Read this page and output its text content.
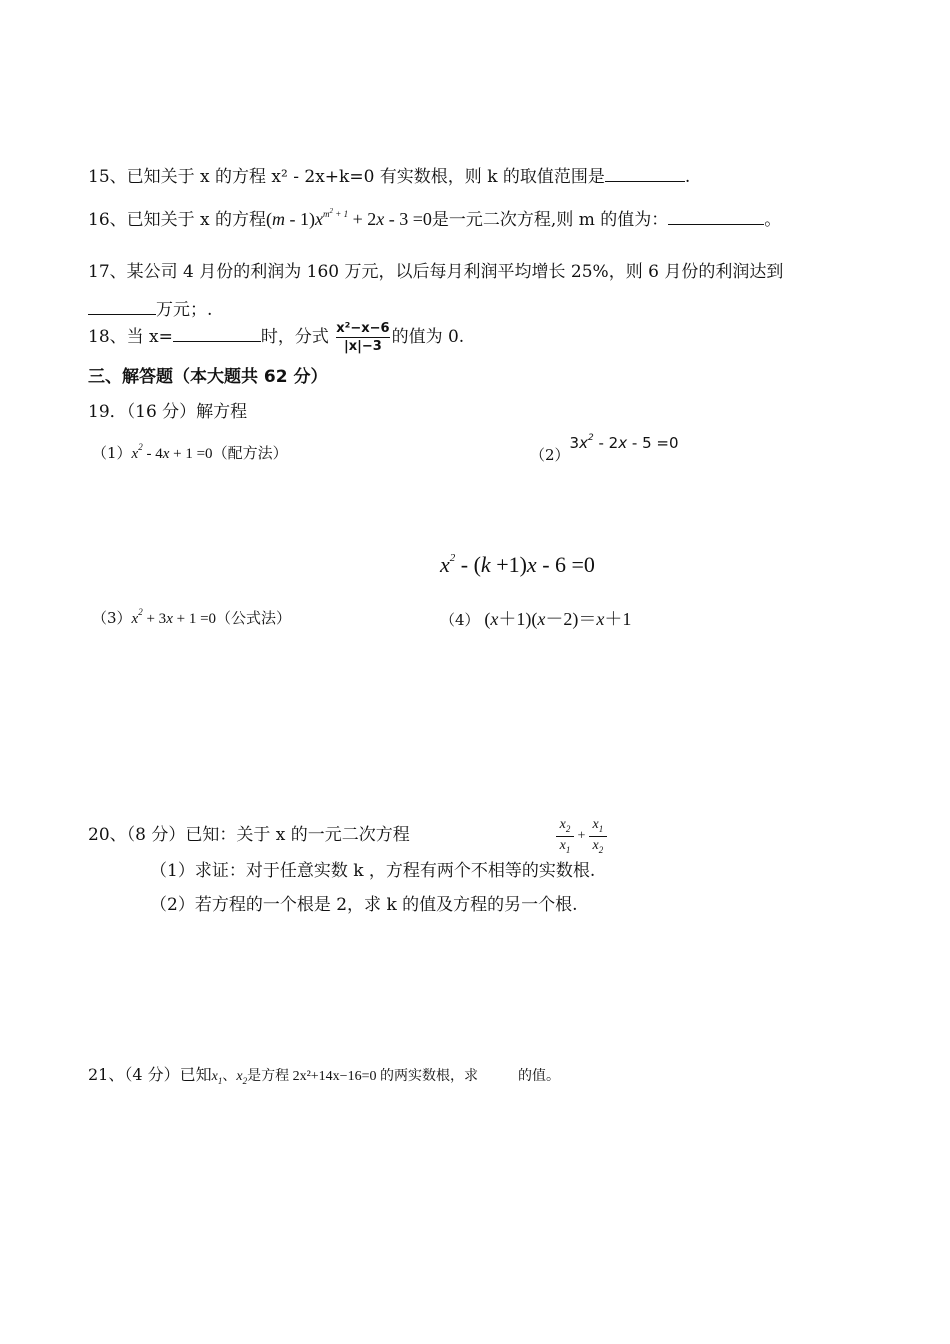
15、已知关于 x 的方程 x² - 2x+k=0 有实数根，则 k 的取值范围是	.
16、已知关于 x 的方程$(m - 1)x^{m^2 + 1} + 2x - 3 =0$是一元二次方程,则 m 的值为：	。
17、某公司 4 月份的利润为 160 万元，以后每月利润平均增长 25%，则 6 月份的利润达到
万元；.
18、当 x=	时，分式 $\frac{\text{x²−x−6}}{|x|-3}$ 的值为 0.
三、解答题（本大题共 62 分）
19．（16 分）解方程
$(1)x^2 - 4x + 1 =0$（配方法）	$(2)3x^2 - 2x - 5 =0$
$x^2 - (k +1)x - 6 =0$
$(3)x^2 + 3x + 1 =0$（公式法）	（4） (x＋1)(x－2)＝x＋1
20、（8 分）已知：关于 x 的一元二次方程	$\frac{x_2}{x_1} + \frac{x_1}{x_2}$
（1）求证：对于任意实数 k ，方程有两个不相等的实数根.
（2）若方程的一个根是 2，求 k 的值及方程的另一个根.
21、（4 分）已知$x_1$、$x_2$是方程 2x²+14x−16=0 的两实数根，求	的值。
